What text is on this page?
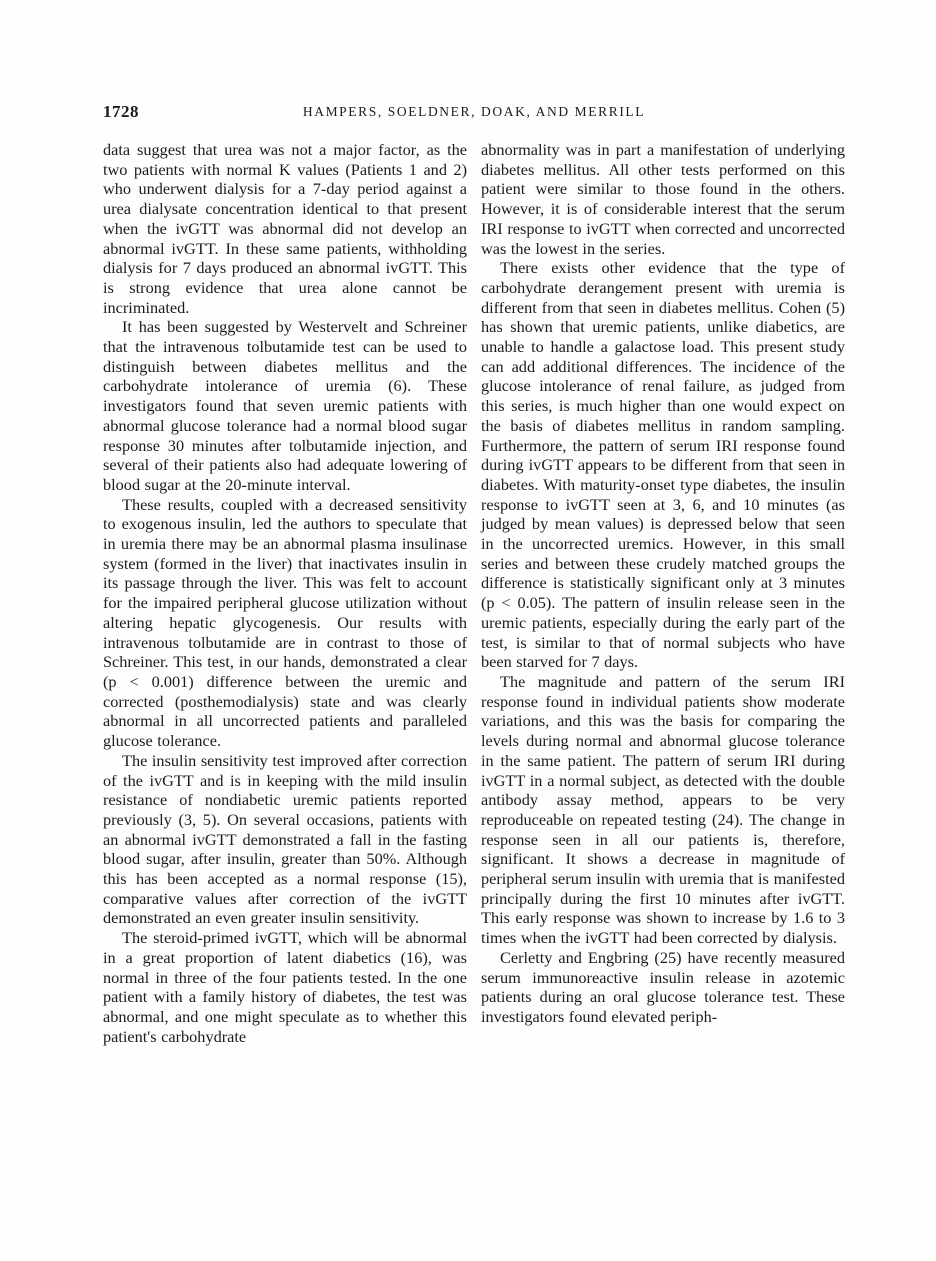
1728	HAMPERS, SOELDNER, DOAK, AND MERRILL

data suggest that urea was not a major factor, as the two patients with normal K values (Patients 1 and 2) who underwent dialysis for a 7-day period against a urea dialysate concentration identical to that present when the ivGTT was abnormal did not develop an abnormal ivGTT. In these same patients, withholding dialysis for 7 days produced an abnormal ivGTT. This is strong evidence that urea alone cannot be incriminated.

It has been suggested by Westervelt and Schreiner that the intravenous tolbutamide test can be used to distinguish between diabetes mellitus and the carbohydrate intolerance of uremia (6). These investigators found that seven uremic patients with abnormal glucose tolerance had a normal blood sugar response 30 minutes after tolbutamide injection, and several of their patients also had adequate lowering of blood sugar at the 20-minute interval.

These results, coupled with a decreased sensitivity to exogenous insulin, led the authors to speculate that in uremia there may be an abnormal plasma insulinase system (formed in the liver) that inactivates insulin in its passage through the liver. This was felt to account for the impaired peripheral glucose utilization without altering hepatic glycogenesis. Our results with intravenous tolbutamide are in contrast to those of Schreiner. This test, in our hands, demonstrated a clear (p < 0.001) difference between the uremic and corrected (posthemodialysis) state and was clearly abnormal in all uncorrected patients and paralleled glucose tolerance.

The insulin sensitivity test improved after correction of the ivGTT and is in keeping with the mild insulin resistance of nondiabetic uremic patients reported previously (3, 5). On several occasions, patients with an abnormal ivGTT demonstrated a fall in the fasting blood sugar, after insulin, greater than 50%. Although this has been accepted as a normal response (15), comparative values after correction of the ivGTT demonstrated an even greater insulin sensitivity.

The steroid-primed ivGTT, which will be abnormal in a great proportion of latent diabetics (16), was normal in three of the four patients tested. In the one patient with a family history of diabetes, the test was abnormal, and one might speculate as to whether this patient's carbohydrate

abnormality was in part a manifestation of underlying diabetes mellitus. All other tests performed on this patient were similar to those found in the others. However, it is of considerable interest that the serum IRI response to ivGTT when corrected and uncorrected was the lowest in the series.

There exists other evidence that the type of carbohydrate derangement present with uremia is different from that seen in diabetes mellitus. Cohen (5) has shown that uremic patients, unlike diabetics, are unable to handle a galactose load. This present study can add additional differences. The incidence of the glucose intolerance of renal failure, as judged from this series, is much higher than one would expect on the basis of diabetes mellitus in random sampling. Furthermore, the pattern of serum IRI response found during ivGTT appears to be different from that seen in diabetes. With maturity-onset type diabetes, the insulin response to ivGTT seen at 3, 6, and 10 minutes (as judged by mean values) is depressed below that seen in the uncorrected uremics. However, in this small series and between these crudely matched groups the difference is statistically significant only at 3 minutes (p < 0.05). The pattern of insulin release seen in the uremic patients, especially during the early part of the test, is similar to that of normal subjects who have been starved for 7 days.

The magnitude and pattern of the serum IRI response found in individual patients show moderate variations, and this was the basis for comparing the levels during normal and abnormal glucose tolerance in the same patient. The pattern of serum IRI during ivGTT in a normal subject, as detected with the double antibody assay method, appears to be very reproduceable on repeated testing (24). The change in response seen in all our patients is, therefore, significant. It shows a decrease in magnitude of peripheral serum insulin with uremia that is manifested principally during the first 10 minutes after ivGTT. This early response was shown to increase by 1.6 to 3 times when the ivGTT had been corrected by dialysis.

Cerletty and Engbring (25) have recently measured serum immunoreactive insulin release in azotemic patients during an oral glucose tolerance test. These investigators found elevated periph-
